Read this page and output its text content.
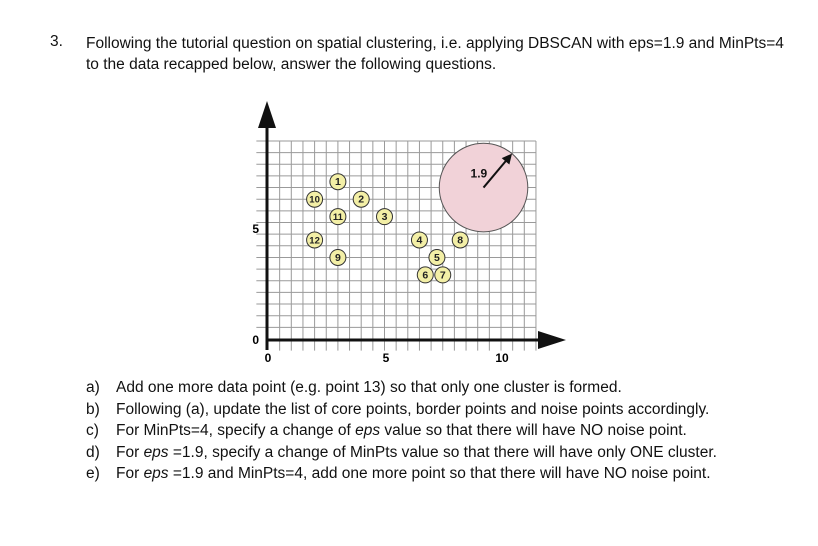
3. Following the tutorial question on spatial clustering, i.e. applying DBSCAN with eps=1.9 and MinPts=4 to the data recapped below, answer the following questions.
1.9
5
0
0	5	10
1
2
3
4
5
6 7
8
9
10
11
12
a)	Add one more data point (e.g. point 13) so that only one cluster is formed.
b)	Following (a), update the list of core points, border points and noise points accordingly.
c)	For MinPts=4, specify a change of eps value so that there will have NO noise point.
d)	For eps =1.9, specify a change of MinPts value so that there will have only ONE cluster.
e)	For eps =1.9 and MinPts=4, add one more point so that there will have NO noise point.
